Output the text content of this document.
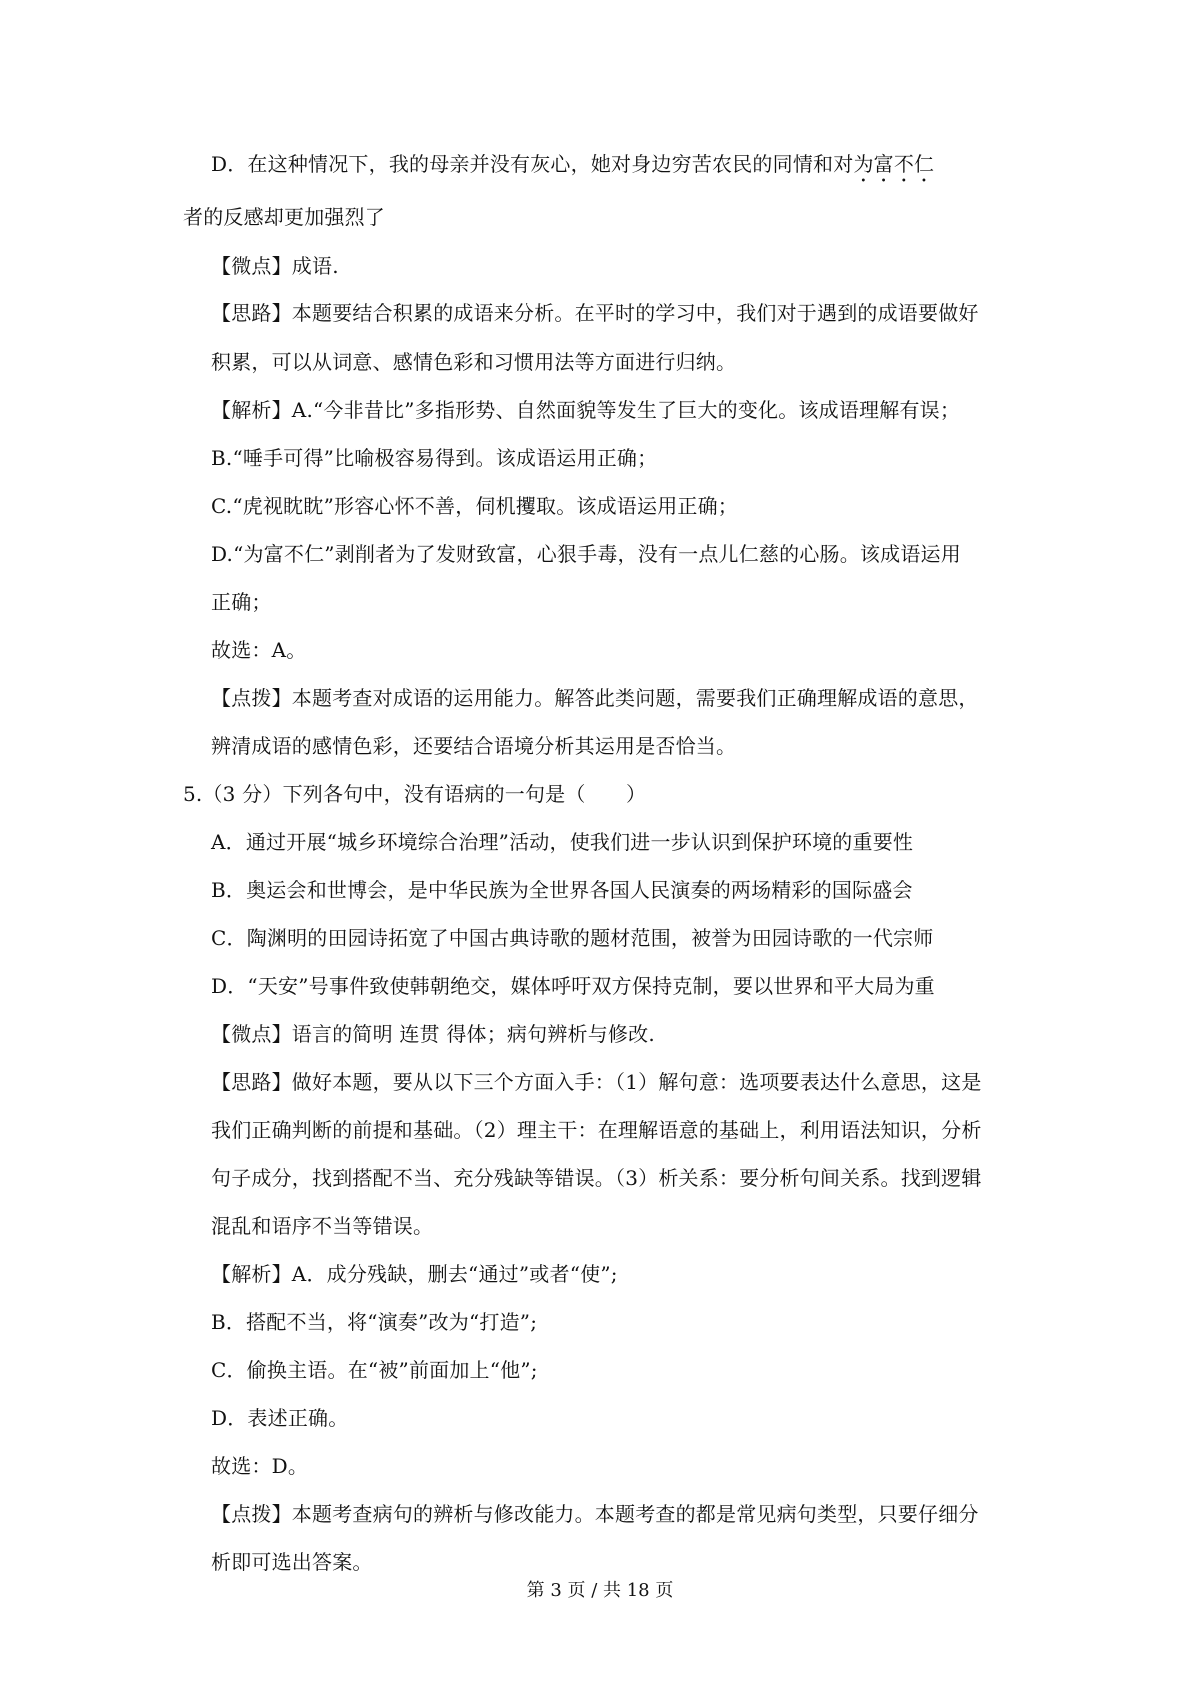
D．在这种情况下，我的母亲并没有灰心，她对身边穷苦农民的同情和对为富不仁
者的反感却更加强烈了
【微点】成语.
【思路】本题要结合积累的成语来分析。在平时的学习中，我们对于遇到的成语要做好
积累，可以从词意、感情色彩和习惯用法等方面进行归纳。
【解析】A.“今非昔比”多指形势、自然面貌等发生了巨大的变化。该成语理解有误；
B.“唾手可得”比喻极容易得到。该成语运用正确；
C.“虎视眈眈”形容心怀不善，伺机攫取。该成语运用正确；
D.“为富不仁”剥削者为了发财致富，心狠手毒，没有一点儿仁慈的心肠。该成语运用
正确；
故选：A。
【点拨】本题考查对成语的运用能力。解答此类问题，需要我们正确理解成语的意思，
辨清成语的感情色彩，还要结合语境分析其运用是否恰当。
5.（3 分）下列各句中，没有语病的一句是（　　）
A．通过开展“城乡环境综合治理”活动，使我们进一步认识到保护环境的重要性
B．奥运会和世博会，是中华民族为全世界各国人民演奏的两场精彩的国际盛会
C．陶渊明的田园诗拓宽了中国古典诗歌的题材范围，被誉为田园诗歌的一代宗师
D．“天安”号事件致使韩朝绝交，媒体呼吁双方保持克制，要以世界和平大局为重
【微点】语言的简明 连贯 得体；病句辨析与修改.
【思路】做好本题，要从以下三个方面入手：（1）解句意：选项要表达什么意思，这是
我们正确判断的前提和基础。（2）理主干：在理解语意的基础上，利用语法知识，分析
句子成分，找到搭配不当、充分残缺等错误。（3）析关系：要分析句间关系。找到逻辑
混乱和语序不当等错误。
【解析】A．成分残缺，删去“通过”或者“使”;
B．搭配不当，将“演奏”改为“打造”;
C．偷换主语。在“被”前面加上“他”;
D．表述正确。
故选：D。
【点拨】本题考查病句的辨析与修改能力。本题考查的都是常见病句类型，只要仔细分
析即可选出答案。
第 3 页 / 共 18 页
